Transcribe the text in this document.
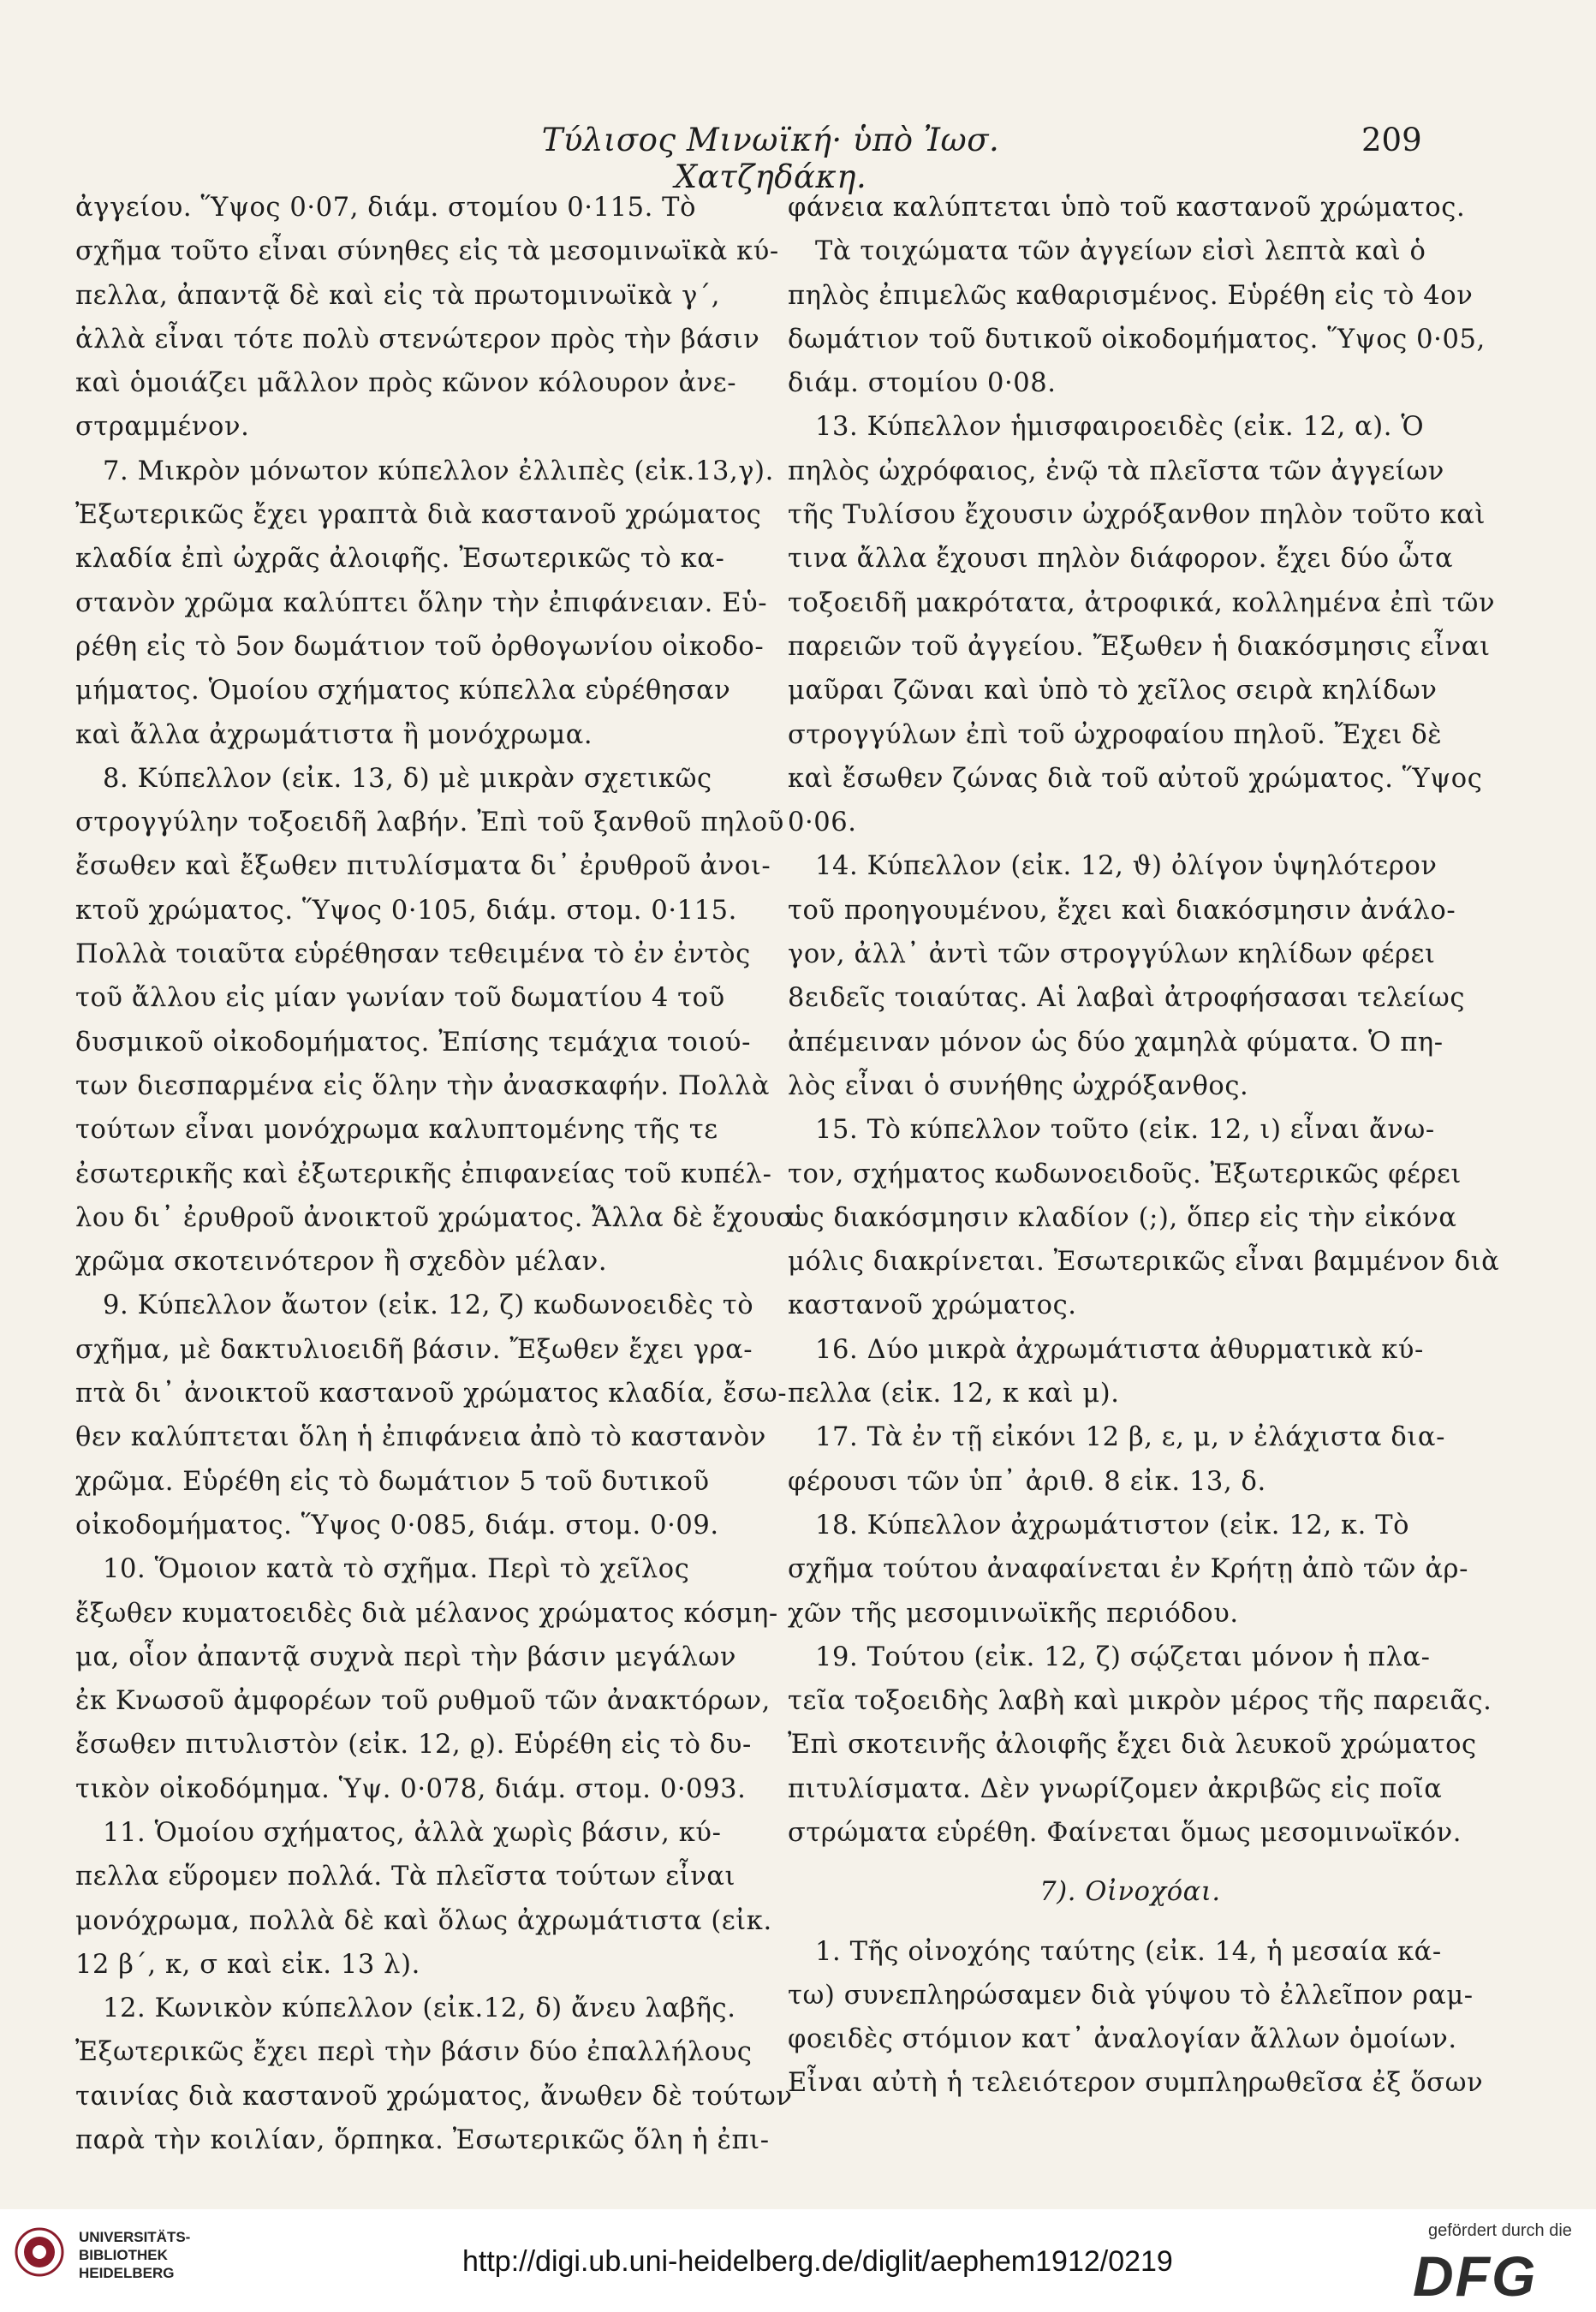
Τύλισος Μινωϊκή· ὑπὸ Ἰωσ. Χατζηδάκη.
209
ἀγγείου. Ὕψος 0·07, διάμ. στομίου 0·115. Τὸ
σχῆμα τοῦτο εἶναι σύνηθες εἰς τὰ μεσομινωϊκὰ κύ-
πελλα, ἀπαντᾷ δὲ καὶ εἰς τὰ πρωτομινωϊκὰ γ΄,
ἀλλὰ εἶναι τότε πολὺ στενώτερον πρὸς τὴν βάσιν
καὶ ὁμοιάζει μᾶλλον πρὸς κῶνον κόλουρον ἀνε-
στραμμένον.
7. Μικρὸν μόνωτον κύπελλον ἐλλιπὲς (εἰκ.13,γ).
Ἐξωτερικῶς ἔχει γραπτὰ διὰ καστανοῦ χρώματος
κλαδία ἐπὶ ὠχρᾶς ἀλοιφῆς. Ἐσωτερικῶς τὸ κα-
στανὸν χρῶμα καλύπτει ὅλην τὴν ἐπιφάνειαν. Εὑ-
ρέθη εἰς τὸ 5ον δωμάτιον τοῦ ὀρθογωνίου οἰκοδο-
μήματος. Ὁμοίου σχήματος κύπελλα εὑρέθησαν
καὶ ἄλλα ἀχρωμάτιστα ἢ μονόχρωμα.
8. Κύπελλον (εἰκ. 13, δ) μὲ μικρὰν σχετικῶς
στρογγύλην τοξοειδῆ λαβήν. Ἐπὶ τοῦ ξανθοῦ πηλοῦ
ἔσωθεν καὶ ἔξωθεν πιτυλίσματα δι᾽ ἐρυθροῦ ἀνοι-
κτοῦ χρώματος. Ὕψος 0·105, διάμ. στομ. 0·115.
Πολλὰ τοιαῦτα εὑρέθησαν τεθειμένα τὸ ἐν ἐντὸς
τοῦ ἄλλου εἰς μίαν γωνίαν τοῦ δωματίου 4 τοῦ
δυσμικοῦ οἰκοδομήματος. Ἐπίσης τεμάχια τοιού-
των διεσπαρμένα εἰς ὅλην τὴν ἀνασκαφήν. Πολλὰ
τούτων εἶναι μονόχρωμα καλυπτομένης τῆς τε
ἐσωτερικῆς καὶ ἐξωτερικῆς ἐπιφανείας τοῦ κυπέλ-
λου δι᾽ ἐρυθροῦ ἀνοικτοῦ χρώματος. Ἄλλα δὲ ἔχουσι
χρῶμα σκοτεινότερον ἢ σχεδὸν μέλαν.
9. Κύπελλον ἄωτον (εἰκ. 12, ζ) κωδωνοειδὲς τὸ
σχῆμα, μὲ δακτυλιοειδῆ βάσιν. Ἔξωθεν ἔχει γρα-
πτὰ δι᾽ ἀνοικτοῦ καστανοῦ χρώματος κλαδία, ἔσω-
θεν καλύπτεται ὅλη ἡ ἐπιφάνεια ἀπὸ τὸ καστανὸν
χρῶμα. Εὑρέθη εἰς τὸ δωμάτιον 5 τοῦ δυτικοῦ
οἰκοδομήματος. Ὕψος 0·085, διάμ. στομ. 0·09.
10. Ὅμοιον κατὰ τὸ σχῆμα. Περὶ τὸ χεῖλος
ἔξωθεν κυματοειδὲς διὰ μέλανος χρώματος κόσμη-
μα, οἷον ἀπαντᾷ συχνὰ περὶ τὴν βάσιν μεγάλων
ἐκ Κνωσοῦ ἀμφορέων τοῦ ρυθμοῦ τῶν ἀνακτόρων,
ἔσωθεν πιτυλιστὸν (εἰκ. 12, ϱ). Εὑρέθη εἰς τὸ δυ-
τικὸν οἰκοδόμημα. Ὑψ. 0·078, διάμ. στομ. 0·093.
11. Ὁμοίου σχήματος, ἀλλὰ χωρὶς βάσιν, κύ-
πελλα εὕρομεν πολλά. Τὰ πλεῖστα τούτων εἶναι
μονόχρωμα, πολλὰ δὲ καὶ ὅλως ἀχρωμάτιστα (εἰκ.
12 β΄, κ, σ καὶ εἰκ. 13 λ).
12. Κωνικὸν κύπελλον (εἰκ.12, δ) ἄνευ λαβῆς.
Ἐξωτερικῶς ἔχει περὶ τὴν βάσιν δύο ἐπαλλήλους
ταινίας διὰ καστανοῦ χρώματος, ἄνωθεν δὲ τούτων
παρὰ τὴν κοιλίαν, ὅρπηκα. Ἐσωτερικῶς ὅλη ἡ ἐπι-
φάνεια καλύπτεται ὑπὸ τοῦ καστανοῦ χρώματος.
Τὰ τοιχώματα τῶν ἀγγείων εἰσὶ λεπτὰ καὶ ὁ
πηλὸς ἐπιμελῶς καθαρισμένος. Εὑρέθη εἰς τὸ 4ον
δωμάτιον τοῦ δυτικοῦ οἰκοδομήματος. Ὕψος 0·05,
διάμ. στομίου 0·08.
13. Κύπελλον ἡμισφαιροειδὲς (εἰκ. 12, α). Ὁ
πηλὸς ὠχρόφαιος, ἐνῷ τὰ πλεῖστα τῶν ἀγγείων
τῆς Τυλίσου ἔχουσιν ὠχρόξανθον πηλὸν τοῦτο καὶ
τινα ἄλλα ἔχουσι πηλὸν διάφορον. ἔχει δύο ὦτα
τοξοειδῆ μακρότατα, ἀτροφικά, κολλημένα ἐπὶ τῶν
παρειῶν τοῦ ἀγγείου. Ἔξωθεν ἡ διακόσμησις εἶναι
μαῦραι ζῶναι καὶ ὑπὸ τὸ χεῖλος σειρὰ κηλίδων
στρογγύλων ἐπὶ τοῦ ὠχροφαίου πηλοῦ. Ἔχει δὲ
καὶ ἔσωθεν ζώνας διὰ τοῦ αὐτοῦ χρώματος. Ὕψος
0·06.
14. Κύπελλον (εἰκ. 12, ϑ) ὀλίγον ὑψηλότερον
τοῦ προηγουμένου, ἔχει καὶ διακόσμησιν ἀνάλο-
γον, ἀλλ᾽ ἀντὶ τῶν στρογγύλων κηλίδων φέρει
8ειδεῖς τοιαύτας. Αἱ λαβαὶ ἀτροφήσασαι τελείως
ἀπέμειναν μόνον ὡς δύο χαμηλὰ φύματα. Ὁ πη-
λὸς εἶναι ὁ συνήθης ὠχρόξανθος.
15. Τὸ κύπελλον τοῦτο (εἰκ. 12, ι) εἶναι ἄνω-
τον, σχήματος κωδωνοειδοῦς. Ἐξωτερικῶς φέρει
ὡς διακόσμησιν κλαδίον (;), ὅπερ εἰς τὴν εἰκόνα
μόλις διακρίνεται. Ἐσωτερικῶς εἶναι βαμμένον διὰ
καστανοῦ χρώματος.
16. Δύο μικρὰ ἀχρωμάτιστα ἀθυρματικὰ κύ-
πελλα (εἰκ. 12, κ καὶ μ).
17. Τὰ ἐν τῇ εἰκόνι 12 β, ε, μ, ν ἐλάχιστα δια-
φέρουσι τῶν ὑπ᾽ ἀριθ. 8 εἰκ. 13, δ.
18. Κύπελλον ἀχρωμάτιστον (εἰκ. 12, κ. Τὸ
σχῆμα τούτου ἀναφαίνεται ἐν Κρήτῃ ἀπὸ τῶν ἀρ-
χῶν τῆς μεσομινωϊκῆς περιόδου.
19. Τούτου (εἰκ. 12, ζ) σῴζεται μόνον ἡ πλα-
τεῖα τοξοειδὴς λαβὴ καὶ μικρὸν μέρος τῆς παρειᾶς.
Ἐπὶ σκοτεινῆς ἀλοιφῆς ἔχει διὰ λευκοῦ χρώματος
πιτυλίσματα. Δὲν γνωρίζομεν ἀκριβῶς εἰς ποῖα
στρώματα εὑρέθη. Φαίνεται ὅμως μεσομινωϊκόν.
7). Οἰνοχόαι.
1. Τῆς οἰνοχόης ταύτης (εἰκ. 14, ἡ μεσαία κά-
τω) συνεπληρώσαμεν διὰ γύψου τὸ ἐλλεῖπον ραμ-
φοειδὲς στόμιον κατ᾽ ἀναλογίαν ἄλλων ὁμοίων.
Εἶναι αὐτὴ ἡ τελειότερον συμπληρωθεῖσα ἐξ ὅσων
UNIVERSITÄTS-
BIBLIOTHEK
HEIDELBERG	http://digi.ub.uni-heidelberg.de/diglit/aephem1912/0219
gefördert durch die
DFG
